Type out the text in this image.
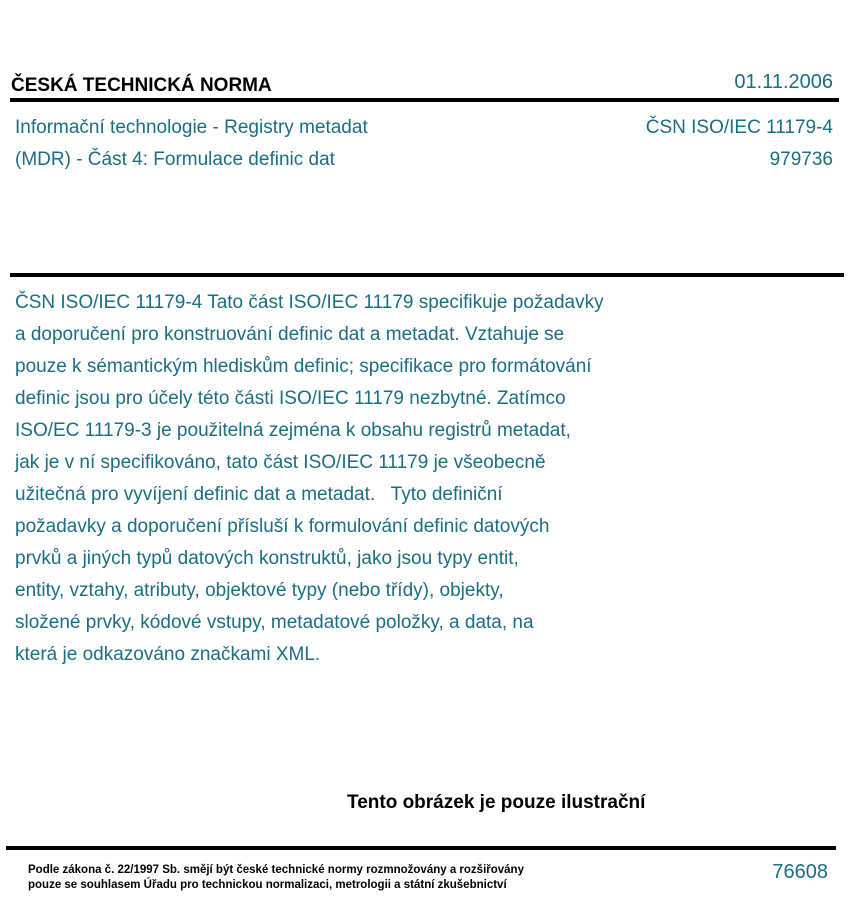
ČESKÁ TECHNICKÁ NORMA	01.11.2006
Informační technologie - Registry metadat
(MDR) - Část 4: Formulace definic dat
ČSN ISO/IEC 11179-4
979736
ČSN ISO/IEC 11179-4 Tato část ISO/IEC 11179 specifikuje požadavky
a doporučení pro konstruování definic dat a metadat. Vztahuje se
pouze k sémantickým hlediskům definic; specifikace pro formátování
definic jsou pro účely této části ISO/IEC 11179 nezbytné. Zatímco
ISO/EC 11179-3 je použitelná zejména k obsahu registrů metadat,
jak je v ní specifikováno, tato část ISO/IEC 11179 je všeobecně
užitečná pro vyvíjení definic dat a metadat.   Tyto definiční
požadavky a doporučení přísluší k formulování definic datových
prvků a jiných typů datových konstruktů, jako jsou typy entit,
entity, vztahy, atributy, objektové typy (nebo třídy), objekty,
složené prvky, kódové vstupy, metadatové položky, a data, na
která je odkazováno značkami XML.
Tento obrázek je pouze ilustrační
Podle zákona č. 22/1997 Sb. smějí být české technické normy rozmnožovány a rozšiřovány
pouze se souhlasem Úřadu pro technickou normalizaci, metrologii a státní zkušebnictví
76608
